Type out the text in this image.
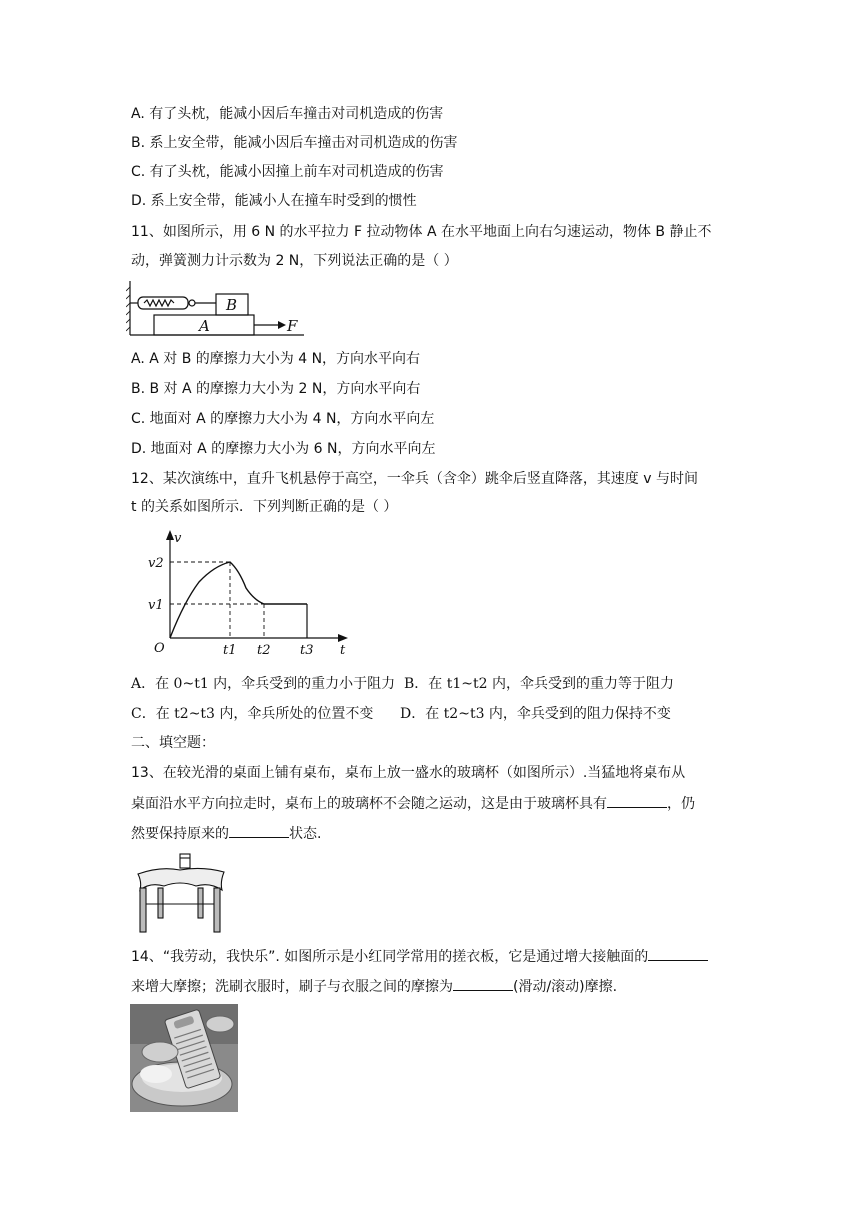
A. 有了头枕，能减小因后车撞击对司机造成的伤害
B. 系上安全带，能减小因后车撞击对司机造成的伤害
C. 有了头枕，能减小因撞上前车对司机造成的伤害
D. 系上安全带，能减小人在撞车时受到的惯性
11、如图所示，用 6 N 的水平拉力 F 拉动物体 A 在水平地面上向右匀速运动，物体 B 静止不
动，弹簧测力计示数为 2 N，下列说法正确的是（ ）
B
A	F
A. A 对 B 的摩擦力大小为 4 N，方向水平向右
B. B 对 A 的摩擦力大小为 2 N，方向水平向右
C. 地面对 A 的摩擦力大小为 4 N，方向水平向左
D. 地面对 A 的摩擦力大小为 6 N，方向水平向左
12、某次演练中，直升飞机悬停于高空，一伞兵（含伞）跳伞后竖直降落，其速度 v 与时间
t 的关系如图所示．下列判断正确的是（ ）
v
v2
v1
O	t1 t2 t3 t
A．在 0~t1 内，伞兵受到的重力小于阻力 B．在 t1~t2 内，伞兵受到的重力等于阻力
C．在 t2~t3 内，伞兵所处的位置不变 D．在 t2~t3 内，伞兵受到的阻力保持不变
二、填空题：
13、在较光滑的桌面上铺有桌布，桌布上放一盛水的玻璃杯（如图所示）.当猛地将桌布从
桌面沿水平方向拉走时，桌布上的玻璃杯不会随之运动，这是由于玻璃杯具有	，仍
然要保持原来的	状态.
14、“我劳动，我快乐”. 如图所示是小红同学常用的搓衣板，它是通过增大接触面的
来增大摩擦；洗刷衣服时，刷子与衣服之间的摩擦为	(滑动/滚动)摩擦.
